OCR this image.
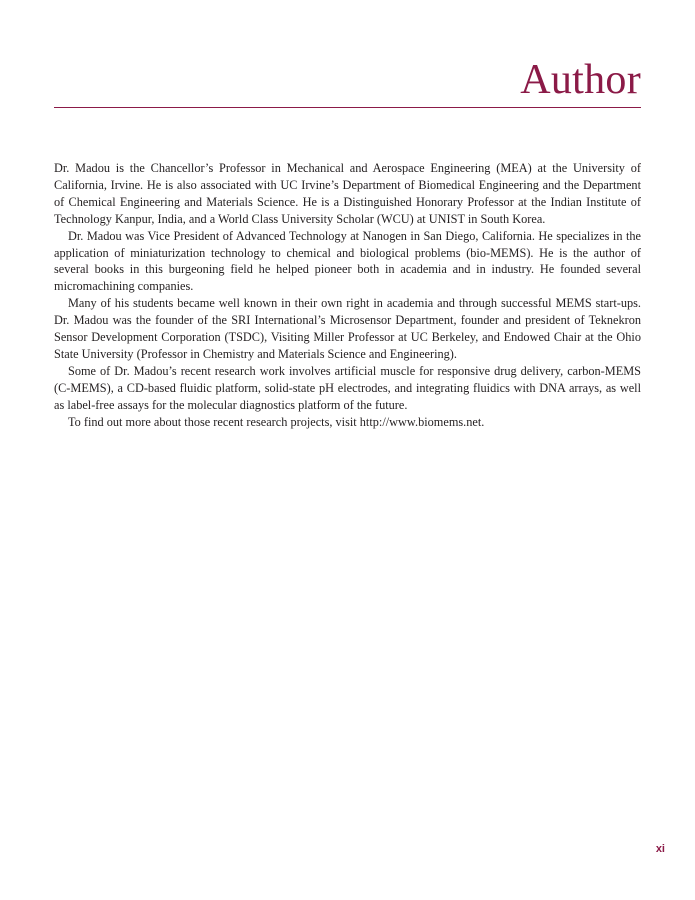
Author

Dr. Madou is the Chancellor’s Professor in Mechanical and Aerospace Engineering (MEA) at the University of California, Irvine. He is also associated with UC Irvine’s Department of Biomedical Engineering and the Department of Chemical Engineering and Materials Science. He is a Distinguished Honorary Professor at the Indian Institute of Technology Kanpur, India, and a World Class University Scholar (WCU) at UNIST in South Korea.

Dr. Madou was Vice President of Advanced Technology at Nanogen in San Diego, California. He specializes in the application of miniaturization technology to chemical and biological problems (bio-MEMS). He is the author of several books in this burgeoning field he helped pioneer both in academia and in industry. He founded several micromachining companies.

Many of his students became well known in their own right in academia and through successful MEMS start-ups. Dr. Madou was the founder of the SRI International’s Microsensor Department, founder and president of Teknekron Sensor Development Corporation (TSDC), Visiting Miller Professor at UC Berkeley, and Endowed Chair at the Ohio State University (Professor in Chemistry and Materials Science and Engineering).

Some of Dr. Madou’s recent research work involves artificial muscle for responsive drug delivery, carbon-MEMS (C-MEMS), a CD-based fluidic platform, solid-state pH electrodes, and integrating fluidics with DNA arrays, as well as label-free assays for the molecular diagnostics platform of the future.

To find out more about those recent research projects, visit http://www.biomems.net.

xi
